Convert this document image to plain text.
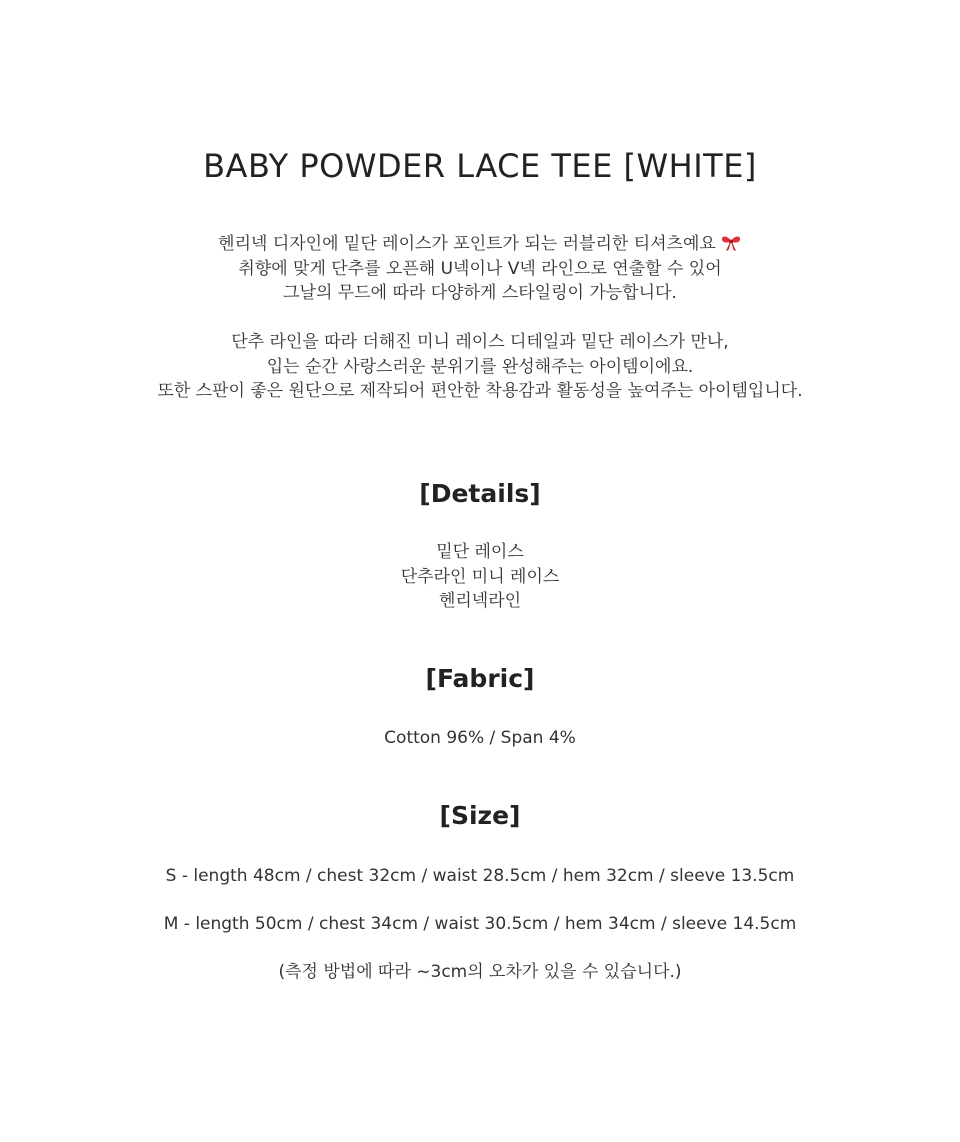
BABY POWDER LACE TEE [WHITE]
헨리넥 디자인에 밑단 레이스가 포인트가 되는 러블리한 티셔츠예요
취향에 맞게 단추를 오픈해 U넥이나 V넥 라인으로 연출할 수 있어
그날의 무드에 따라 다양하게 스타일링이 가능합니다.
단추 라인을 따라 더해진 미니 레이스 디테일과 밑단 레이스가 만나,
입는 순간 사랑스러운 분위기를 완성해주는 아이템이에요.
또한 스판이 좋은 원단으로 제작되어 편안한 착용감과 활동성을 높여주는 아이템입니다.
[Details]
밑단 레이스
단추라인 미니 레이스
헨리넥라인
[Fabric]
Cotton 96% / Span 4%
[Size]
S - length 48cm / chest 32cm / waist 28.5cm / hem 32cm / sleeve 13.5cm
M - length 50cm / chest 34cm / waist 30.5cm / hem 34cm / sleeve 14.5cm
(측정 방법에 따라 ~3cm의 오차가 있을 수 있습니다.)
